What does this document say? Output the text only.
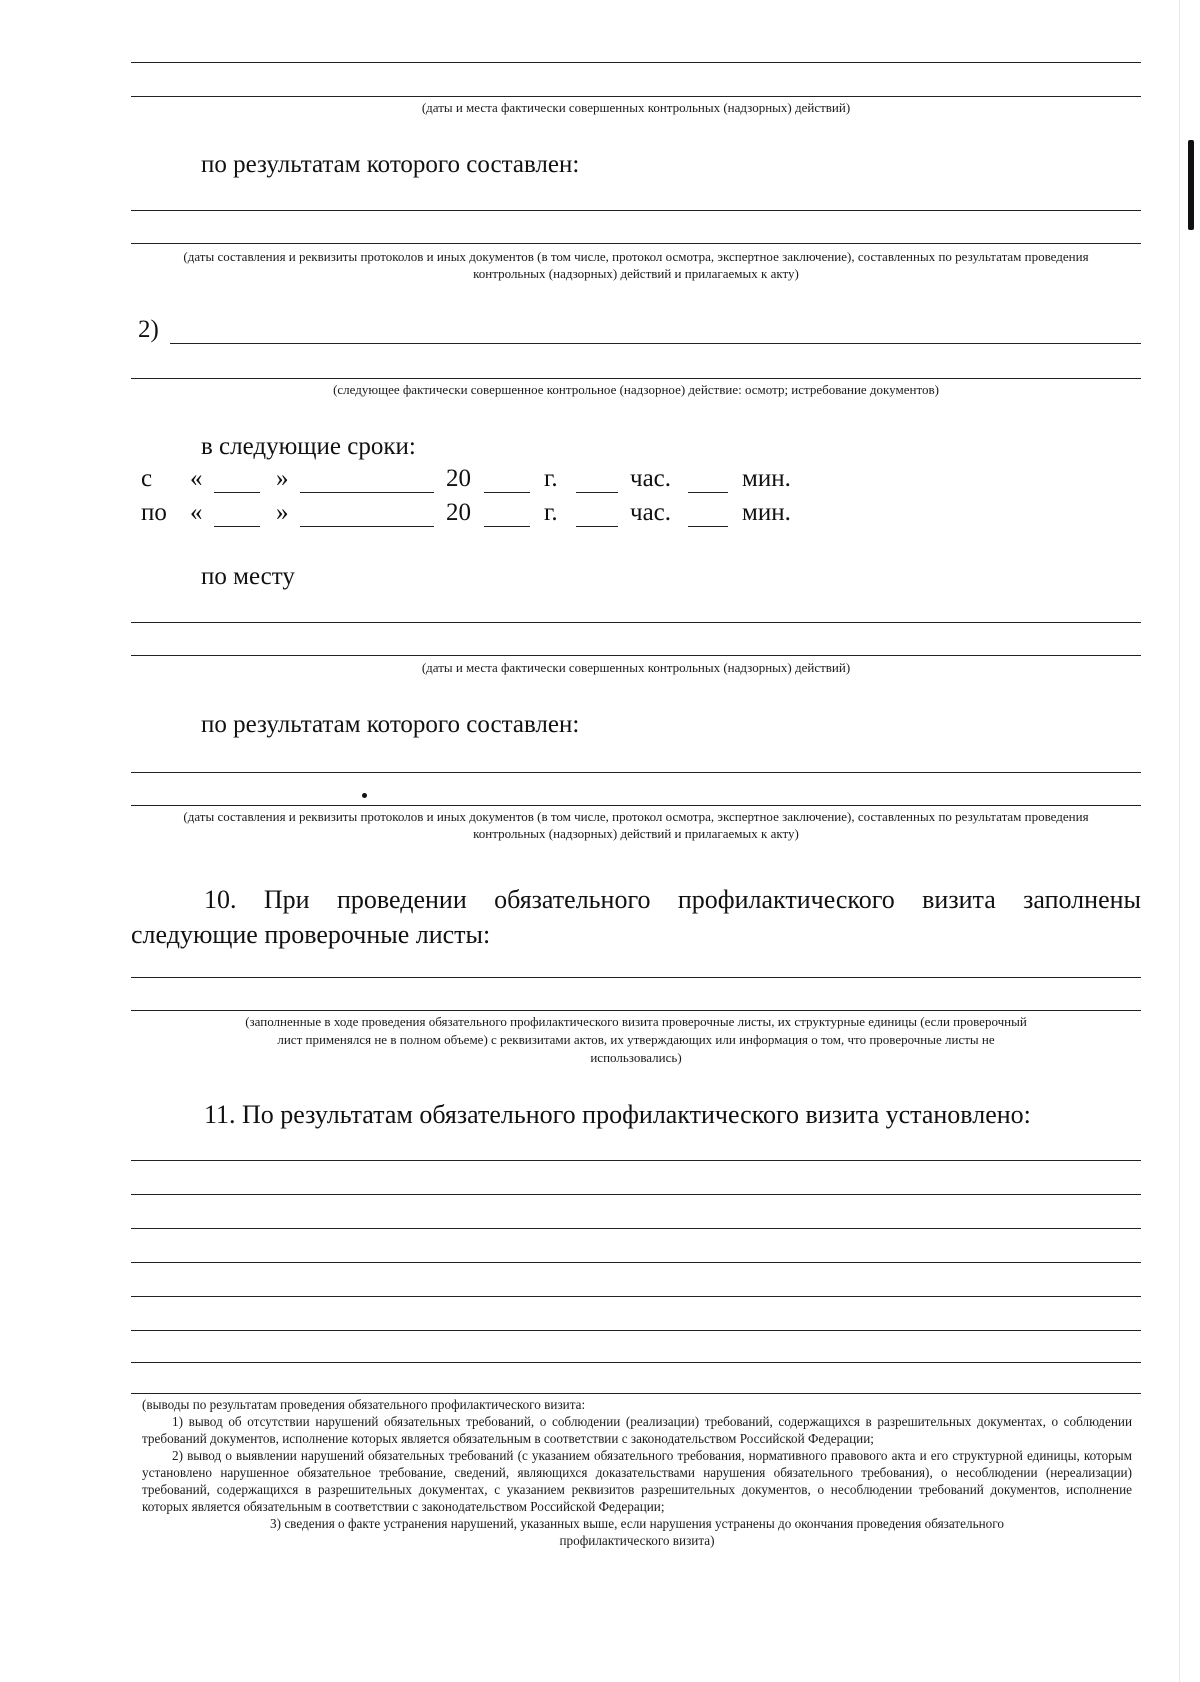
(даты и места фактически совершенных контрольных (надзорных) действий)
по результатам которого составлен:
(даты составления и реквизиты протоколов и иных документов (в том числе, протокол осмотра, экспертное заключение), составленных по результатам проведения контрольных (надзорных) действий и прилагаемых к акту)
2)
(следующее фактически совершенное контрольное (надзорное) действие: осмотр; истребование документов)
в следующие сроки:
с «	»	20	г.	час.	мин.
по «	»	20	г.	час.	мин.
по месту
(даты и места фактически совершенных контрольных (надзорных) действий)
по результатам которого составлен:
(даты составления и реквизиты протоколов и иных документов (в том числе, протокол осмотра, экспертное заключение), составленных по результатам проведения контрольных (надзорных) действий и прилагаемых к акту)
10. При проведении обязательного профилактического визита заполнены следующие проверочные листы:
(заполненные в ходе проведения обязательного профилактического визита проверочные листы, их структурные единицы (если проверочный
лист применялся не в полном объеме) с реквизитами актов, их утверждающих или информация о том, что проверочные листы не
использовались)
11. По результатам обязательного профилактического визита установлено:

(выводы по результатам проведения обязательного профилактического визита:

1) вывод об отсутствии нарушений обязательных требований, о соблюдении (реализации) требований, содержащихся в разрешительных документах, о соблюдении требований документов, исполнение которых является обязательным в соответствии с законодательством Российской Федерации;

2) вывод о выявлении нарушений обязательных требований (с указанием обязательного требования, нормативного правового акта и его структурной единицы, которым установлено нарушенное обязательное требование, сведений, являющихся доказательствами нарушения обязательного требования), о несоблюдении (нереализации) требований, содержащихся в разрешительных документах, с указанием реквизитов разрешительных документов, о несоблюдении требований документов, исполнение которых является обязательным в соответствии с законодательством Российской Федерации;

3) сведения о факте устранения нарушений, указанных выше, если нарушения устранены до окончания проведения обязательного

профилактического визита)
